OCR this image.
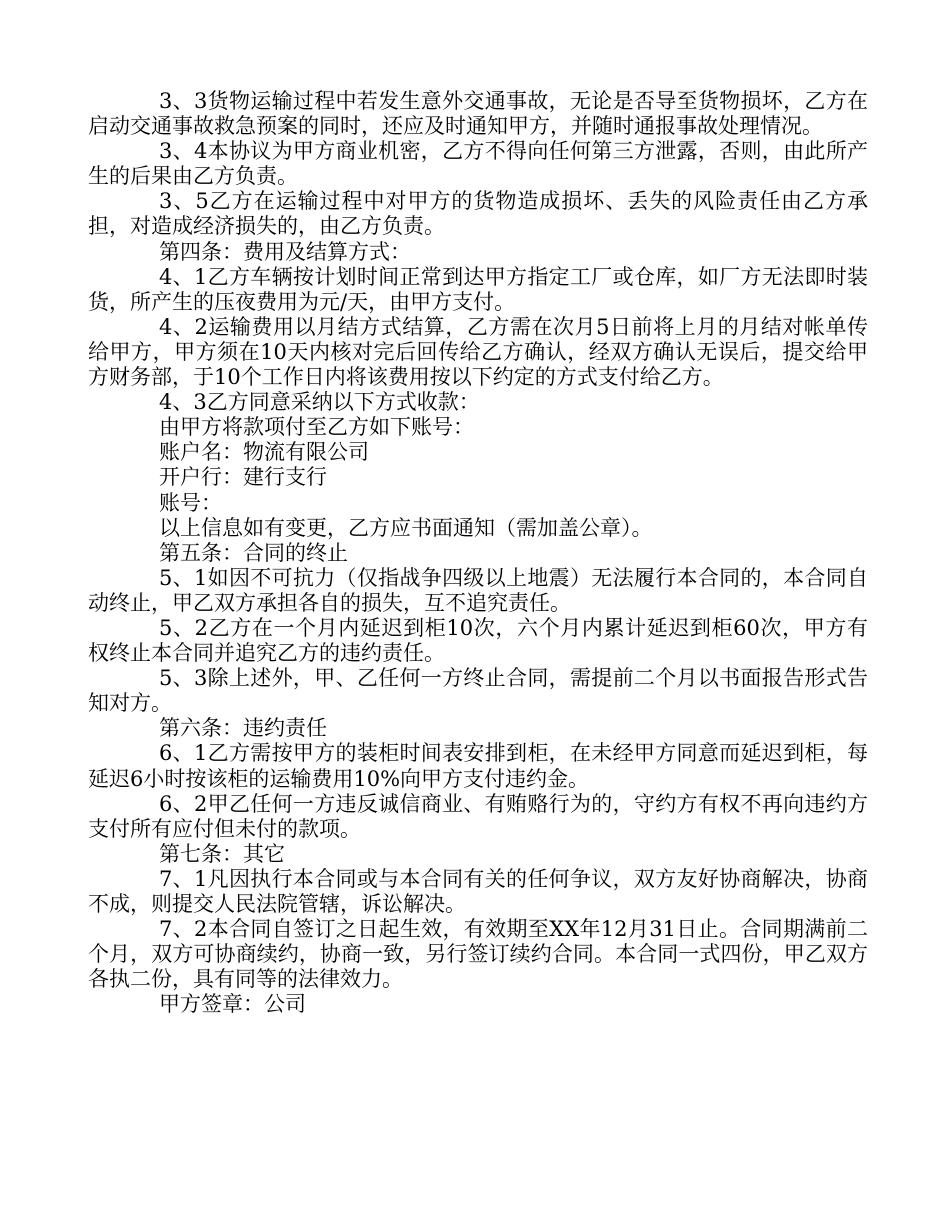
3、3货物运输过程中若发生意外交通事故，无论是否导至货物损坏，乙方在启动交通事故救急预案的同时，还应及时通知甲方，并随时通报事故处理情况。

3、4本协议为甲方商业机密，乙方不得向任何第三方泄露，否则，由此所产生的后果由乙方负责。

3、5乙方在运输过程中对甲方的货物造成损坏、丢失的风险责任由乙方承担，对造成经济损失的，由乙方负责。

第四条：费用及结算方式：

4、1乙方车辆按计划时间正常到达甲方指定工厂或仓库，如厂方无法即时装货，所产生的压夜费用为元/天，由甲方支付。

4、2运输费用以月结方式结算，乙方需在次月5日前将上月的月结对帐单传给甲方，甲方须在10天内核对完后回传给乙方确认，经双方确认无误后，提交给甲方财务部，于10个工作日内将该费用按以下约定的方式支付给乙方。

4、3乙方同意采纳以下方式收款：

由甲方将款项付至乙方如下账号：

账户名：物流有限公司

开户行：建行支行

账号：

以上信息如有变更，乙方应书面通知（需加盖公章）。

第五条：合同的终止

5、1如因不可抗力（仅指战争四级以上地震）无法履行本合同的，本合同自动终止，甲乙双方承担各自的损失，互不追究责任。

5、2乙方在一个月内延迟到柜10次，六个月内累计延迟到柜60次，甲方有权终止本合同并追究乙方的违约责任。

5、3除上述外，甲、乙任何一方终止合同，需提前二个月以书面报告形式告知对方。

第六条：违约责任

6、1乙方需按甲方的装柜时间表安排到柜，在未经甲方同意而延迟到柜，每延迟6小时按该柜的运输费用10%向甲方支付违约金。

6、2甲乙任何一方违反诚信商业、有贿赂行为的，守约方有权不再向违约方支付所有应付但未付的款项。

第七条：其它

7、1凡因执行本合同或与本合同有关的任何争议，双方友好协商解决，协商不成，则提交人民法院管辖，诉讼解决。

7、2本合同自签订之日起生效，有效期至XX年12月31日止。合同期满前二个月，双方可协商续约，协商一致，另行签订续约合同。本合同一式四份，甲乙双方各执二份，具有同等的法律效力。

甲方签章：公司
